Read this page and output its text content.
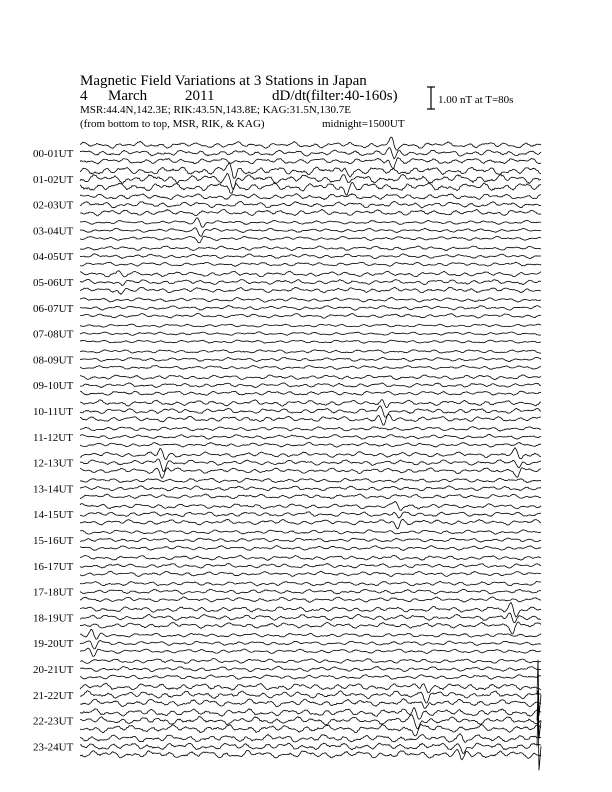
Magnetic Field Variations at 3 Stations in Japan
4 March	2011	dD/dt (filter:40-160s)
MSR:44.4N,142.3E; RIK:43.5N,143.8E; KAG:31.5N,130.7E
(from bottom to top, MSR, RIK, & KAG)	midnight=1500UT
1.00 nT at T=80s
00-01UT
01-02UT
02-03UT
03-04UT
04-05UT
05-06UT
06-07UT
07-08UT
08-09UT
09-10UT
10-11UT
11-12UT
12-13UT
13-14UT
14-15UT
15-16UT
16-17UT
17-18UT
18-19UT
19-20UT
20-21UT
21-22UT
22-23UT
23-24UT
